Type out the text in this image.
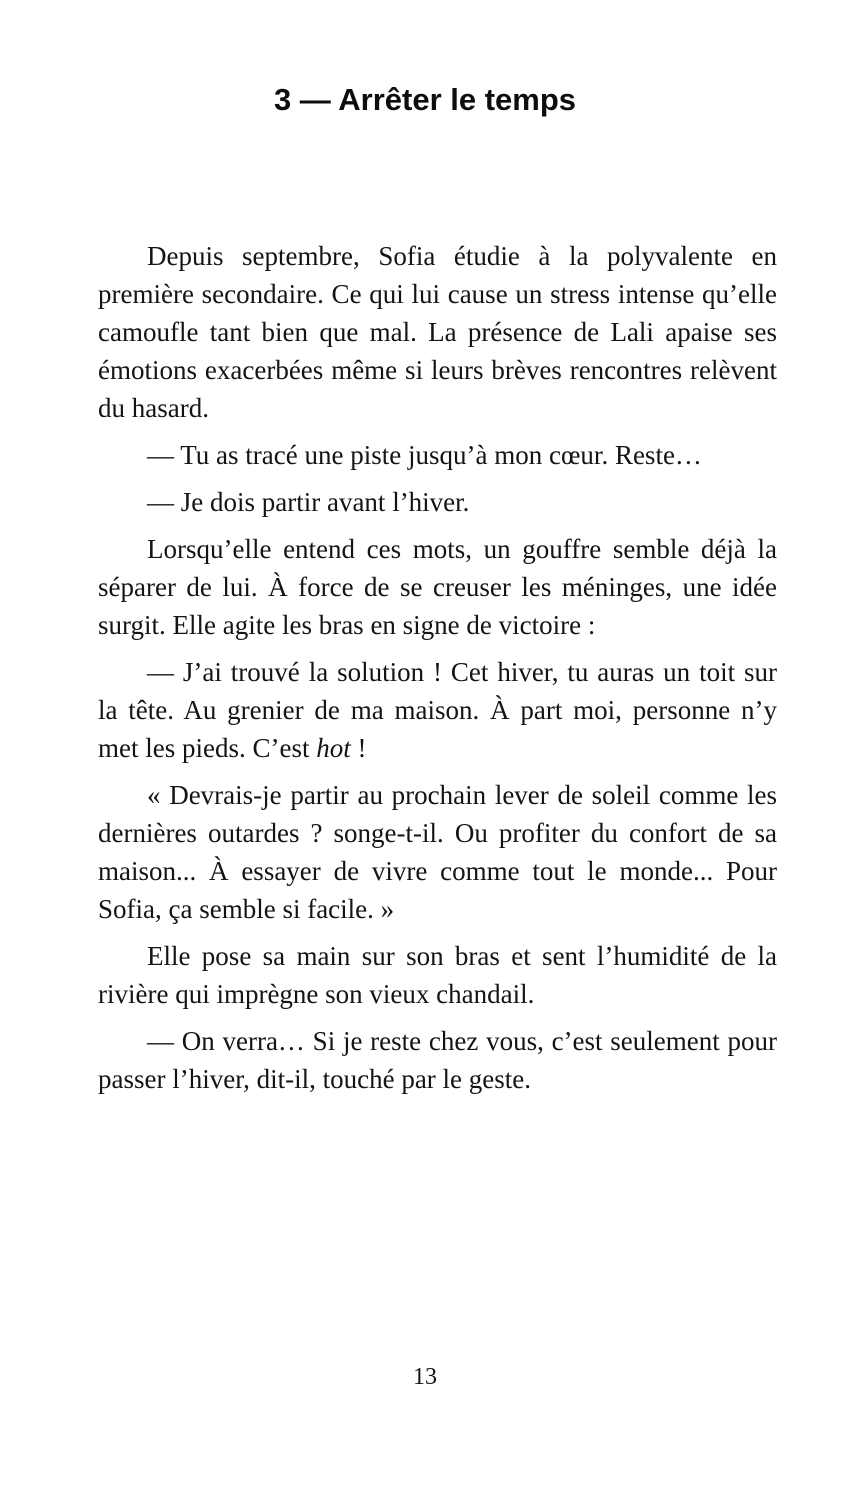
3 — Arrêter le temps

Depuis septembre, Sofia étudie à la polyvalente en première secondaire. Ce qui lui cause un stress intense qu’elle camoufle tant bien que mal. La présence de Lali apaise ses émotions exacerbées même si leurs brèves rencontres relèvent du hasard.

— Tu as tracé une piste jusqu’à mon cœur. Reste…

— Je dois partir avant l’hiver.

Lorsqu’elle entend ces mots, un gouffre semble déjà la séparer de lui. À force de se creuser les méninges, une idée surgit. Elle agite les bras en signe de victoire :

— J’ai trouvé la solution ! Cet hiver, tu auras un toit sur la tête. Au grenier de ma maison. À part moi, personne n’y met les pieds. C’est hot !

« Devrais-je partir au prochain lever de soleil comme les dernières outardes ? songe-t-il. Ou profiter du confort de sa maison... À essayer de vivre comme tout le monde... Pour Sofia, ça semble si facile. »

Elle pose sa main sur son bras et sent l’humidité de la rivière qui imprègne son vieux chandail.

— On verra… Si je reste chez vous, c’est seulement pour passer l’hiver, dit-il, touché par le geste.

13
